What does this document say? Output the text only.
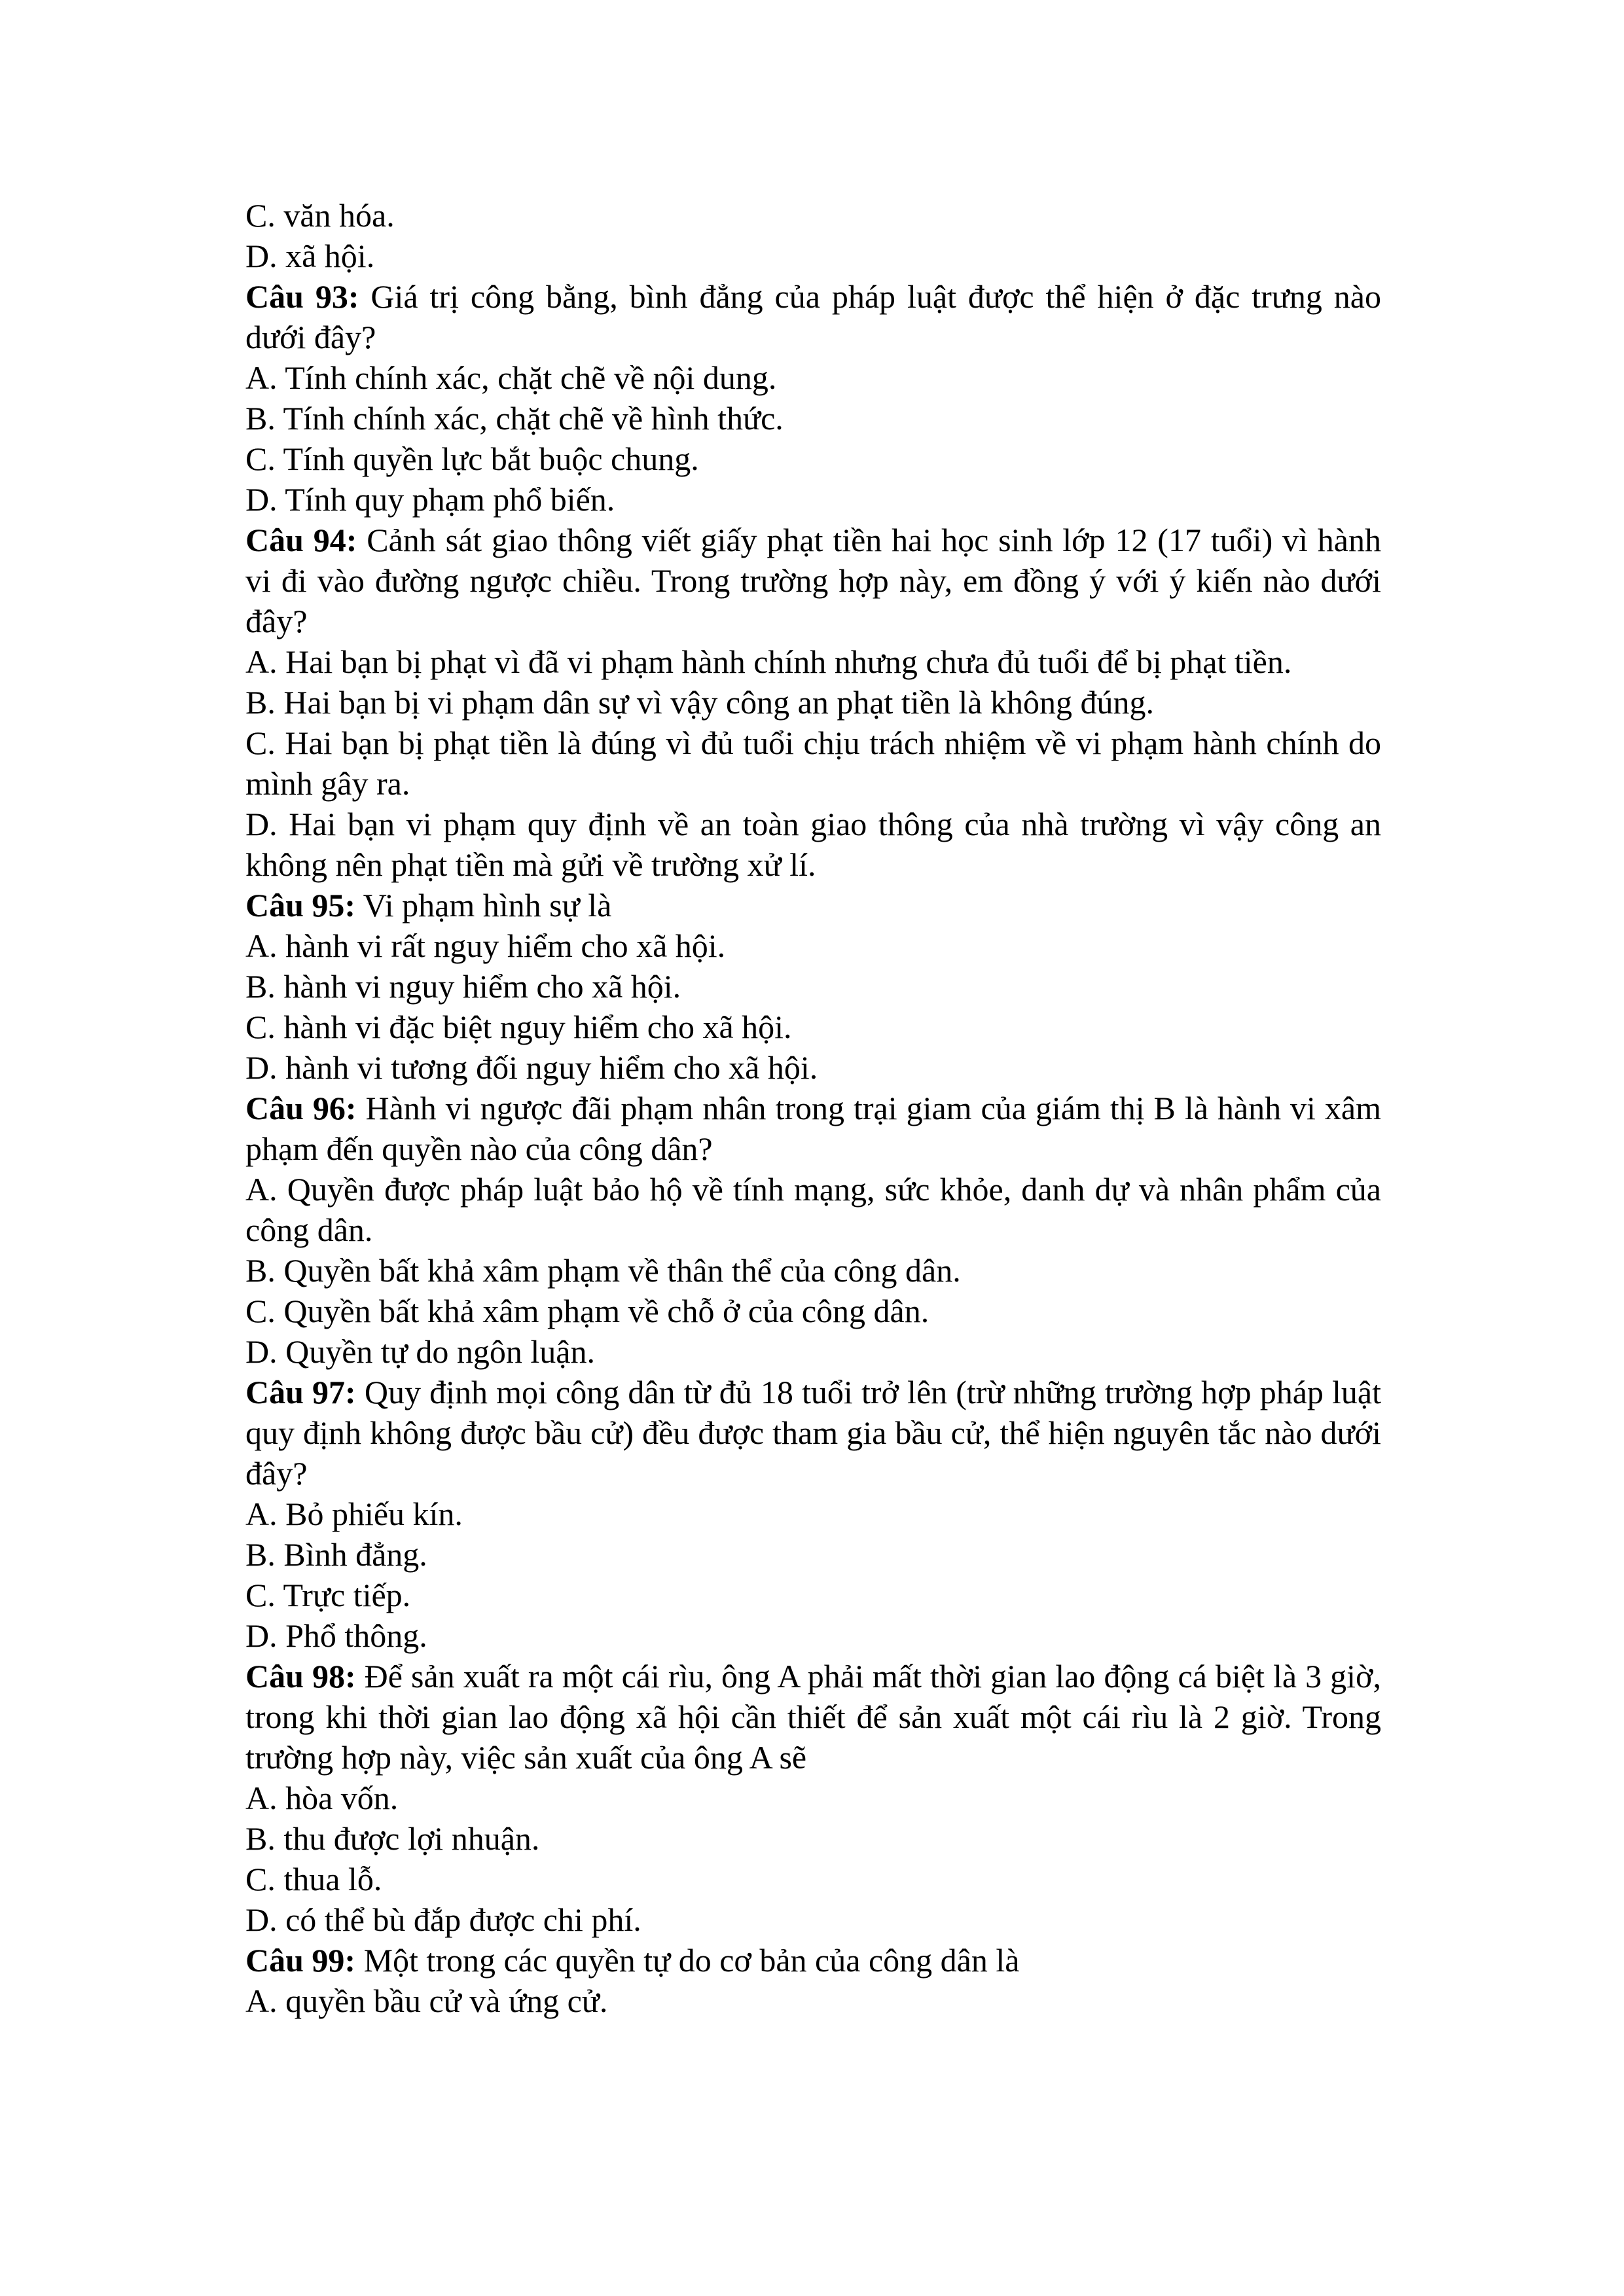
C. văn hóa.

D. xã hội.

Câu 93: Giá trị công bằng, bình đẳng của pháp luật được thể hiện ở đặc trưng nào dưới đây?

A. Tính chính xác, chặt chẽ về nội dung.

B. Tính chính xác, chặt chẽ về hình thức.

C. Tính quyền lực bắt buộc chung.

D. Tính quy phạm phổ biến.

Câu 94: Cảnh sát giao thông viết giấy phạt tiền hai học sinh lớp 12 (17 tuổi) vì hành vi đi vào đường ngược chiều. Trong trường hợp này, em đồng ý với ý kiến nào dưới đây?

A. Hai bạn bị phạt vì đã vi phạm hành chính nhưng chưa đủ tuổi để bị phạt tiền.

B. Hai bạn bị vi phạm dân sự vì vậy công an phạt tiền là không đúng.

C. Hai bạn bị phạt tiền là đúng vì đủ tuổi chịu trách nhiệm về vi phạm hành chính do mình gây ra.

D. Hai bạn vi phạm quy định về an toàn giao thông của nhà trường vì vậy công an không nên phạt tiền mà gửi về trường xử lí.

Câu 95: Vi phạm hình sự là

A. hành vi rất nguy hiểm cho xã hội.

B. hành vi nguy hiểm cho xã hội.

C. hành vi đặc biệt nguy hiểm cho xã hội.

D. hành vi tương đối nguy hiểm cho xã hội.

Câu 96: Hành vi ngược đãi phạm nhân trong trại giam của giám thị B là hành vi xâm phạm đến quyền nào của công dân?

A. Quyền được pháp luật bảo hộ về tính mạng, sức khỏe, danh dự và nhân phẩm của công dân.

B. Quyền bất khả xâm phạm về thân thể của công dân.

C. Quyền bất khả xâm phạm về chỗ ở của công dân.

D. Quyền tự do ngôn luận.

Câu 97: Quy định mọi công dân từ đủ 18 tuổi trở lên (trừ những trường hợp pháp luật quy định không được bầu cử) đều được tham gia bầu cử, thể hiện nguyên tắc nào dưới đây?

A. Bỏ phiếu kín.

B. Bình đẳng.

C. Trực tiếp.

D. Phổ thông.

Câu 98: Để sản xuất ra một cái rìu, ông A phải mất thời gian lao động cá biệt là 3 giờ, trong khi thời gian lao động xã hội cần thiết để sản xuất một cái rìu là 2 giờ. Trong trường hợp này, việc sản xuất của ông A sẽ

A. hòa vốn.

B. thu được lợi nhuận.

C. thua lỗ.

D. có thể bù đắp được chi phí.

Câu 99: Một trong các quyền tự do cơ bản của công dân là

A. quyền bầu cử và ứng cử.
